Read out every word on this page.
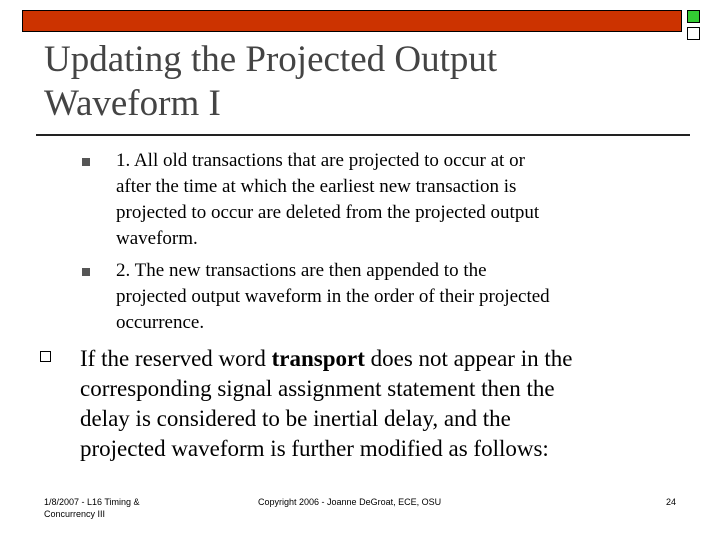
Updating the Projected Output
Waveform I
1. All old transactions that are projected to occur at or
after the time at which the earliest new transaction is
projected to occur are deleted from the projected output
waveform.
2. The new transactions are then appended to the
projected output waveform in the order of their projected
occurrence.
If the reserved word transport does not appear in the
corresponding signal assignment statement then the
delay is considered to be inertial delay, and the
projected waveform is further modified as follows:
1/8/2007 - L16 Timing &
Concurrency III
Copyright 2006 - Joanne DeGroat, ECE, OSU	24
